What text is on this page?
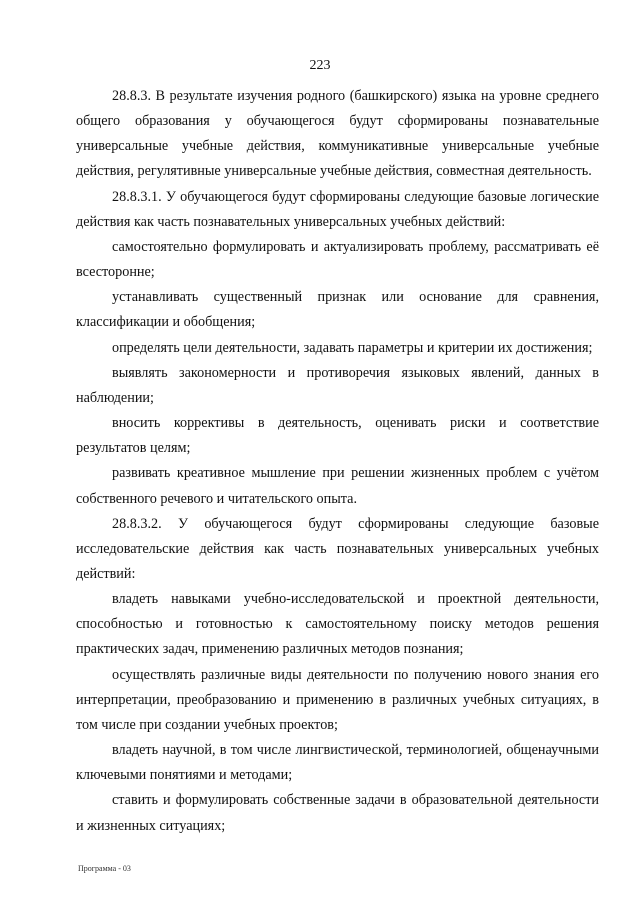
223

28.8.3. В результате изучения родного (башкирского) языка на уровне среднего общего образования у обучающегося будут сформированы познавательные универсальные учебные действия, коммуникативные универсальные учебные действия, регулятивные универсальные учебные действия, совместная деятельность.

28.8.3.1. У обучающегося будут сформированы следующие базовые логические действия как часть познавательных универсальных учебных действий:

самостоятельно формулировать и актуализировать проблему, рассматривать её всесторонне;

устанавливать существенный признак или основание для сравнения, классификации и обобщения;

определять цели деятельности, задавать параметры и критерии их достижения;

выявлять закономерности и противоречия языковых явлений, данных в наблюдении;

вносить коррективы в деятельность, оценивать риски и соответствие результатов целям;

развивать креативное мышление при решении жизненных проблем с учётом собственного речевого и читательского опыта.

28.8.3.2. У обучающегося будут сформированы следующие базовые исследовательские действия как часть познавательных универсальных учебных действий:

владеть навыками учебно-исследовательской и проектной деятельности, способностью и готовностью к самостоятельному поиску методов решения практических задач, применению различных методов познания;

осуществлять различные виды деятельности по получению нового знания его интерпретации, преобразованию и применению в различных учебных ситуациях, в том числе при создании учебных проектов;

владеть научной, в том числе лингвистической, терминологией, общенаучными ключевыми понятиями и методами;

ставить и формулировать собственные задачи в образовательной деятельности и жизненных ситуациях;

Программа - 03
